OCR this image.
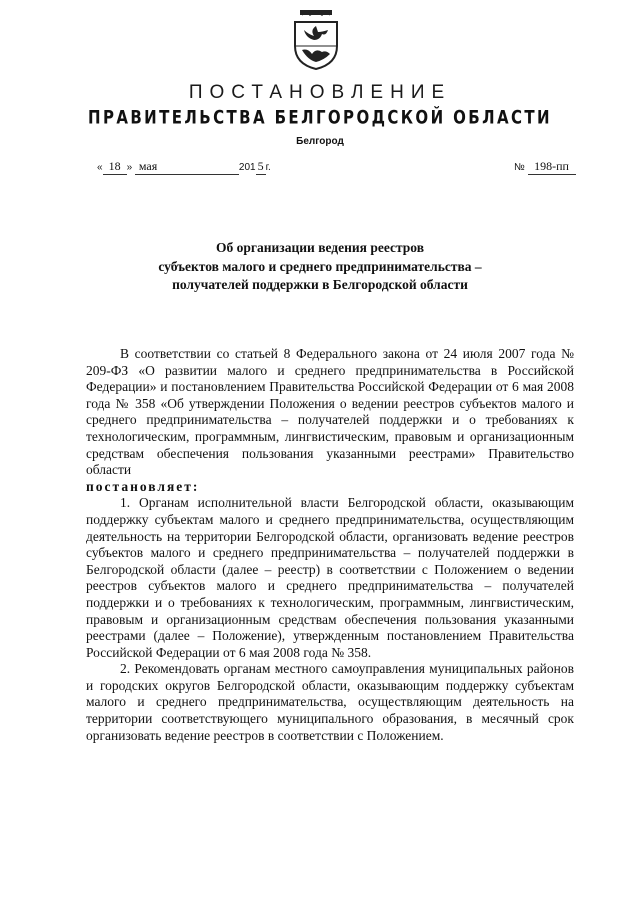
ПОСТАНОВЛЕНИЕ
ПРАВИТЕЛЬСТВА БЕЛГОРОДСКОЙ ОБЛАСТИ
Белгород
« 18 » мая	201 5 г.	№ 198-пп
Об организации ведения реестров
субъектов малого и среднего предпринимательства –
получателей поддержки в Белгородской области

В соответствии со статьей 8 Федерального закона от 24 июля 2007 года № 209-ФЗ «О развитии малого и среднего предпринимательства в Российской Федерации» и постановлением Правительства Российской Федерации от 6 мая 2008 года № 358 «Об утверждении Положения о ведении реестров субъектов малого и среднего предпринимательства – получателей поддержки и о требованиях к технологическим, программным, лингвистическим, правовым и организационным средствам обеспечения пользования указанными реестрами» Правительство области

постановляет:

1. Органам исполнительной власти Белгородской области, оказывающим поддержку субъектам малого и среднего предпринимательства, осуществляющим деятельность на территории Белгородской области, организовать ведение реестров субъектов малого и среднего предпринимательства – получателей поддержки в Белгородской области (далее – реестр) в соответствии с Положением о ведении реестров субъектов малого и среднего предпринимательства – получателей поддержки и о требованиях к технологическим, программным, лингвистическим, правовым и организационным средствам обеспечения пользования указанными реестрами (далее – Положение), утвержденным постановлением Правительства Российской Федерации от 6 мая 2008 года № 358.

2. Рекомендовать органам местного самоуправления муниципальных районов и городских округов Белгородской области, оказывающим поддержку субъектам малого и среднего предпринимательства, осуществляющим деятельность на территории соответствующего муниципального образования, в месячный срок организовать ведение реестров в соответствии с Положением.
